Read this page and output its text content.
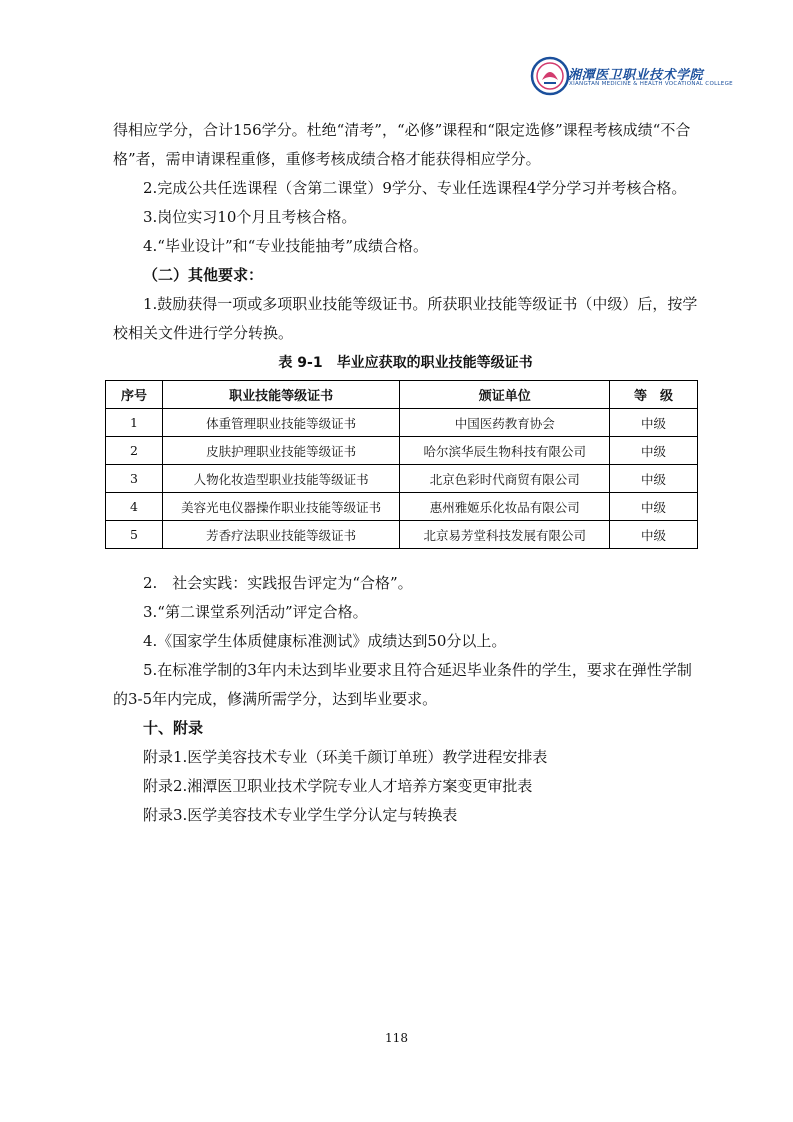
湘潭医卫职业技术学院
XIANGTAN MEDICINE & HEALTH VOCATIONAL COLLEGE

得相应学分，合计156学分。杜绝“清考”，“必修”课程和“限定选修”课程考核成绩“不合格”者，需申请课程重修，重修考核成绩合格才能获得相应学分。

2.完成公共任选课程（含第二课堂）9学分、专业任选课程4学分学习并考核合格。

3.岗位实习10个月且考核合格。

4.“毕业设计”和“专业技能抽考”成绩合格。

（二）其他要求：

1.鼓励获得一项或多项职业技能等级证书。所获职业技能等级证书（中级）后，按学校相关文件进行学分转换。

表 9-1　毕业应获取的职业技能等级证书
序号	职业技能等级证书	颁证单位	等　级
1	体重管理职业技能等级证书	中国医药教育协会	中级
2	皮肤护理职业技能等级证书	哈尔滨华辰生物科技有限公司	中级
3	人物化妆造型职业技能等级证书	北京色彩时代商贸有限公司	中级
4	美容光电仪器操作职业技能等级证书	惠州雅姬乐化妆品有限公司	中级
5	芳香疗法职业技能等级证书	北京易芳堂科技发展有限公司	中级

2.　社会实践：实践报告评定为“合格”。

3.“第二课堂系列活动”评定合格。

4.《国家学生体质健康标准测试》成绩达到50分以上。

5.在标准学制的3年内未达到毕业要求且符合延迟毕业条件的学生，要求在弹性学制的3-5年内完成，修满所需学分，达到毕业要求。

十、附录

附录1.医学美容技术专业（环美千颜订单班）教学进程安排表

附录2.湘潭医卫职业技术学院专业人才培养方案变更审批表

附录3.医学美容技术专业学生学分认定与转换表

118
